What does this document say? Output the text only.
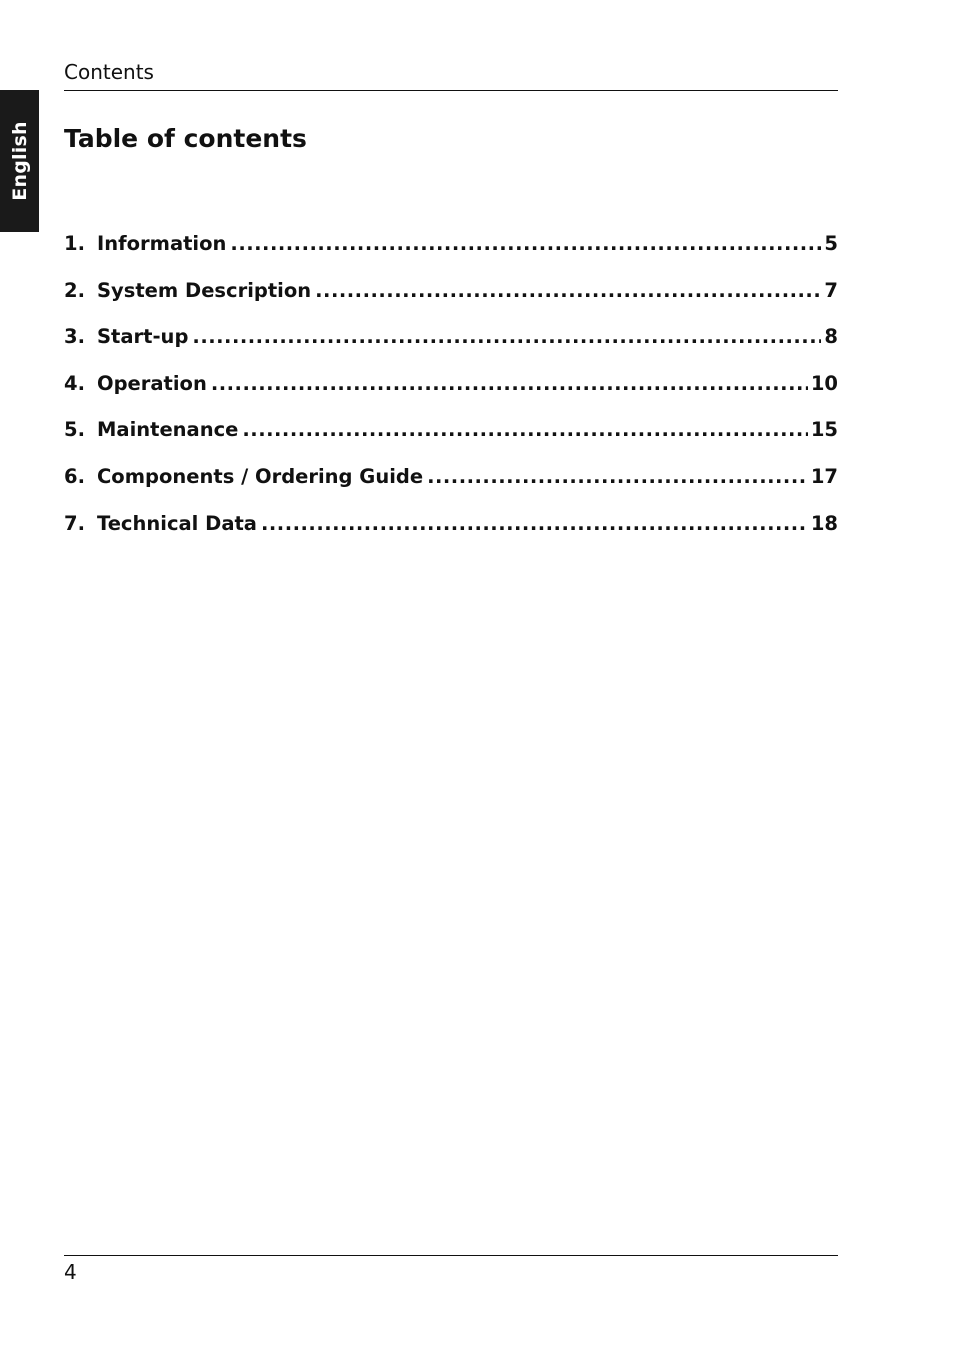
English
Contents
Table of contents
1. Information .....	5
2. System Description .....	7
3. Start-up .....	8
4. Operation .....	10
5. Maintenance .....	15
6. Components / Ordering Guide .....	17
7. Technical Data .....	18
4
